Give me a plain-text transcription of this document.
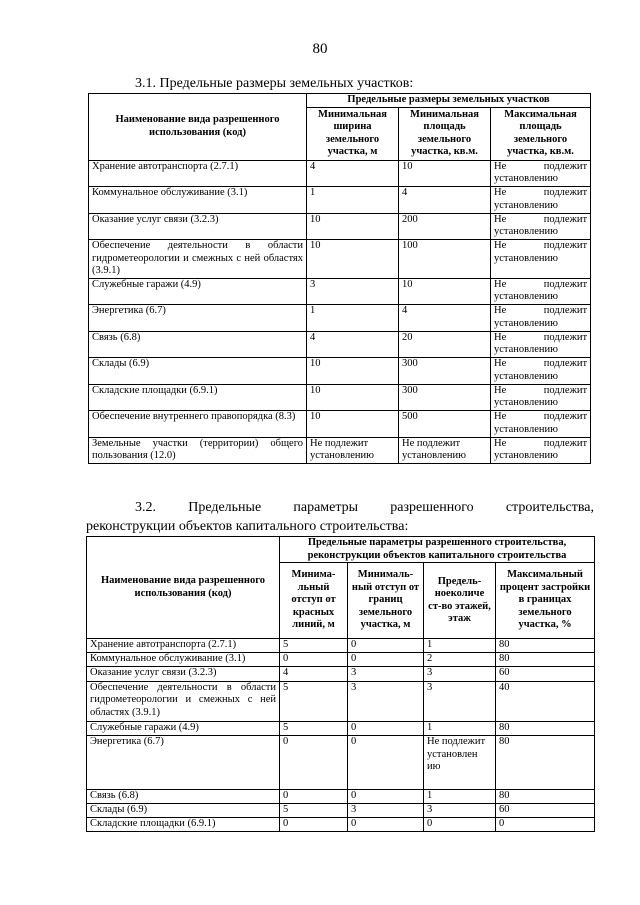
80
3.1. Предельные размеры земельных участков:
Наименование вида разрешенного использования (код)	Предельные размеры земельных участков		
	Минимальная ширина земельного участка, м	Минимальная площадь земельного участка, кв.м.	Максимальная площадь земельного участка, кв.м.
Хранение автотранспорта (2.7.1)	4	10	Не подлежит установлению
Коммунальное обслуживание (3.1)	1	4	Не подлежит установлению
Оказание услуг связи (3.2.3)	10	200	Не подлежит установлению
Обеспечение деятельности в области гидрометеорологии и смежных с ней областях (3.9.1)	10	100	Не подлежит установлению
Служебные гаражи (4.9)	3	10	Не подлежит установлению
Энергетика (6.7)	1	4	Не подлежит установлению
Связь (6.8)	4	20	Не подлежит установлению
Склады (6.9)	10	300	Не подлежит установлению
Складские площадки (6.9.1)	10	300	Не подлежит установлению
Обеспечение внутреннего правопорядка (8.3)	10	500	Не подлежит установлению
Земельные участки (территории) общего пользования (12.0)	Не подлежит установлению	Не подлежит установлению	Не подлежит установлению
3.2. Предельные параметры разрешенного строительства,
реконструкции объектов капитального строительства:
Наименование вида разрешенного использования (код)	Предельные параметры разрешенного строительства, реконструкции объектов капитального строительства			
	Минима-льный отступ от красных линий, м	Минималь-ный отступ от границ земельного участка, м	Предель-ноеколиче ст-во этажей, этаж	Максимальный процент застройки в границах земельного участка, %
Хранение автотранспорта (2.7.1)	5	0	1	80
Коммунальное обслуживание (3.1)	0	0	2	80
Оказание услуг связи (3.2.3)	4	3	3	60
Обеспечение деятельности в области гидрометеорологии и смежных с ней областях (3.9.1)	5	3	3	40
Служебные гаражи (4.9)	5	0	1	80
Энергетика (6.7)	0	0	Не подлежит установлен ию	80
Связь (6.8)	0	0	1	80
Склады (6.9)	5	3	3	60
Складские площадки (6.9.1)	0	0	0	0
